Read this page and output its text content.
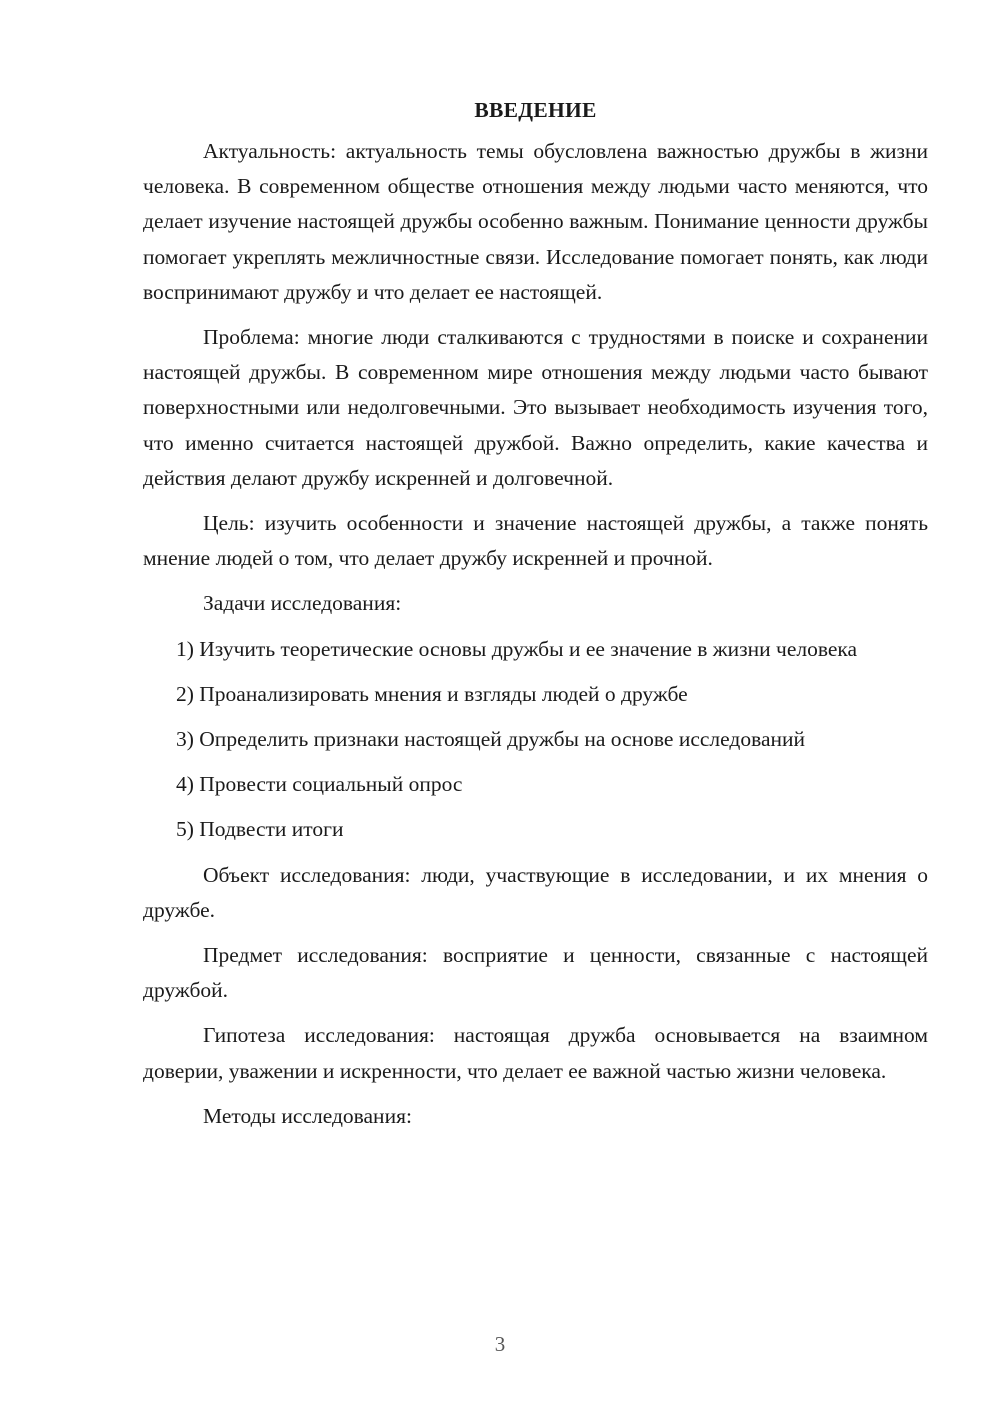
ВВЕДЕНИЕ

Актуальность: актуальность темы обусловлена важностью дружбы в жизни человека. В современном обществе отношения между людьми часто меняются, что делает изучение настоящей дружбы особенно важным. Понимание ценности дружбы помогает укреплять межличностные связи. Исследование помогает понять, как люди воспринимают дружбу и что делает ее настоящей.

Проблема: многие люди сталкиваются с трудностями в поиске и сохранении настоящей дружбы. В современном мире отношения между людьми часто бывают поверхностными или недолговечными. Это вызывает необходимость изучения того, что именно считается настоящей дружбой. Важно определить, какие качества и действия делают дружбу искренней и долговечной.

Цель: изучить особенности и значение настоящей дружбы, а также понять мнение людей о том, что делает дружбу искренней и прочной.

Задачи исследования:

1) Изучить теоретические основы дружбы и ее значение в жизни человека

2) Проанализировать мнения и взгляды людей о дружбе

3) Определить признаки настоящей дружбы на основе исследований

4) Провести социальный опрос

5) Подвести итоги

Объект исследования: люди, участвующие в исследовании, и их мнения о дружбе.

Предмет исследования: восприятие и ценности, связанные с настоящей дружбой.

Гипотеза исследования: настоящая дружба основывается на взаимном доверии, уважении и искренности, что делает ее важной частью жизни человека.

Методы исследования:

3
